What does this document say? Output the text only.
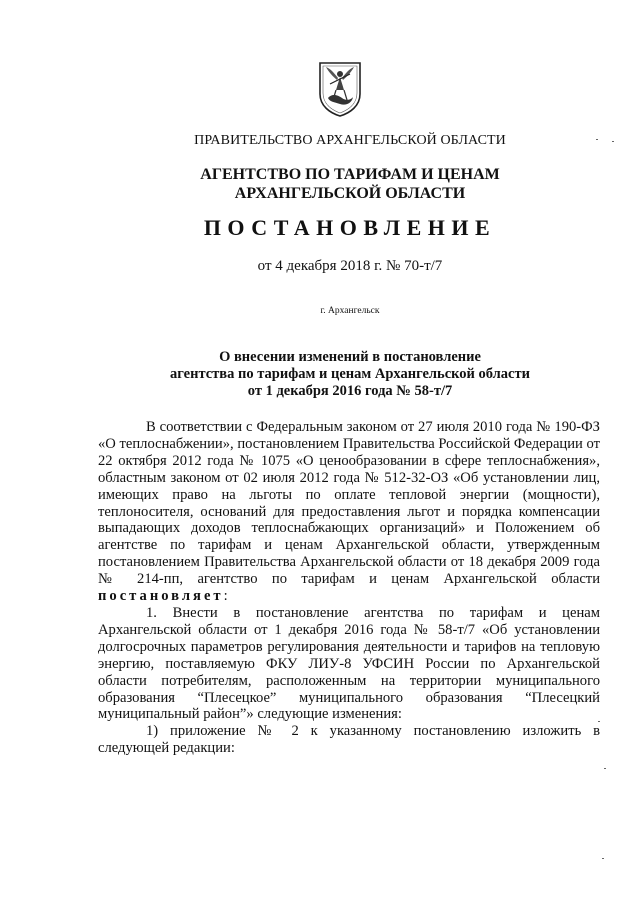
ПРАВИТЕЛЬСТВО АРХАНГЕЛЬСКОЙ ОБЛАСТИ
АГЕНТСТВО ПО ТАРИФАМ И ЦЕНАМ
АРХАНГЕЛЬСКОЙ ОБЛАСТИ
ПОСТАНОВЛЕНИЕ
от 4 декабря 2018 г. № 70-т/7
г. Архангельск
О внесении изменений в постановление
агентства по тарифам и ценам Архангельской области
от 1 декабря 2016 года № 58-т/7

В соответствии с Федеральным законом от 27 июля 2010 года № 190-ФЗ «О теплоснабжении», постановлением Правительства Российской Федерации от 22 октября 2012 года № 1075 «О ценообразовании в сфере теплоснабжения», областным законом от 02 июля 2012 года № 512-32-ОЗ «Об установлении лиц, имеющих право на льготы по оплате тепловой энергии (мощности), теплоносителя, оснований для предоставления льгот и порядка компенсации выпадающих доходов теплоснабжающих организаций» и Положением об агентстве по тарифам и ценам Архангельской области, утвержденным постановлением Правительства Архангельской области от 18 декабря 2009 года № 214-пп, агентство по тарифам и ценам Архангельской области постановляет:

1. Внести в постановление агентства по тарифам и ценам Архангельской области от 1 декабря 2016 года № 58-т/7 «Об установлении долгосрочных параметров регулирования деятельности и тарифов на тепловую энергию, поставляемую ФКУ ЛИУ-8 УФСИН России по Архангельской области потребителям, расположенным на территории муниципального образования “Плесецкое” муниципального образования “Плесецкий муниципальный район”» следующие изменения:

1) приложение № 2 к указанному постановлению изложить в следующей редакции:
